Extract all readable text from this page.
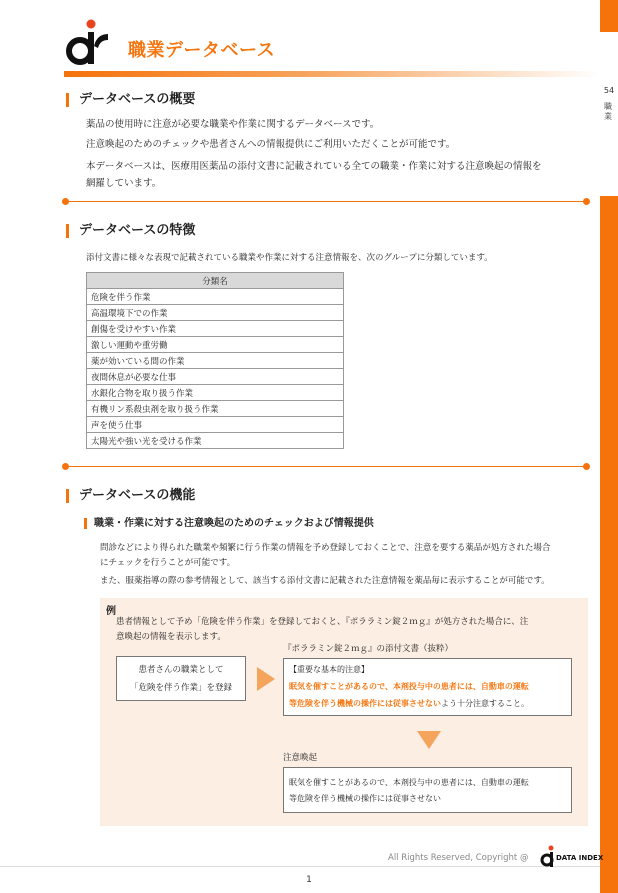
54
職業
職業データベース
データベースの概要
薬品の使用時に注意が必要な職業や作業に関するデータベースです。
注意喚起のためのチェックや患者さんへの情報提供にご利用いただくことが可能です。
本データベースは、医療用医薬品の添付文書に記載されている全ての職業・作業に対する注意喚起の情報を
網羅しています。
データベースの特徴
添付文書に様々な表現で記載されている職業や作業に対する注意情報を、次のグループに分類しています。
分類名
危険を伴う作業
高温環境下での作業
創傷を受けやすい作業
激しい運動や重労働
薬が効いている間の作業
夜間休息が必要な仕事
水銀化合物を取り扱う作業
有機リン系殺虫剤を取り扱う作業
声を使う仕事
太陽光や強い光を受ける作業
データベースの機能
職業・作業に対する注意喚起のためのチェックおよび情報提供
問診などにより得られた職業や頻繁に行う作業の情報を予め登録しておくことで、注意を要する薬品が処方された場合
にチェックを行うことが可能です。
また、服薬指導の際の参考情報として、該当する添付文書に記載された注意情報を薬品毎に表示することが可能です。
例
患者情報として予め「危険を伴う作業」を登録しておくと、『ポララミン錠２ｍｇ』が処方された場合に、注
意喚起の情報を表示します。
患者さんの職業として
「危険を伴う作業」を登録
『ポララミン錠２ｍｇ』の添付文書（抜粋）
【重要な基本的注意】
眠気を催すことがあるので、本剤投与中の患者には、自動車の運転
等危険を伴う機械の操作には従事させないよう十分注意すること。
注意喚起
眠気を催すことがあるので、本剤投与中の患者には、自動車の運転
等危険を伴う機械の操作には従事させない
All Rights Reserved, Copyright @	DATA INDEX
1
